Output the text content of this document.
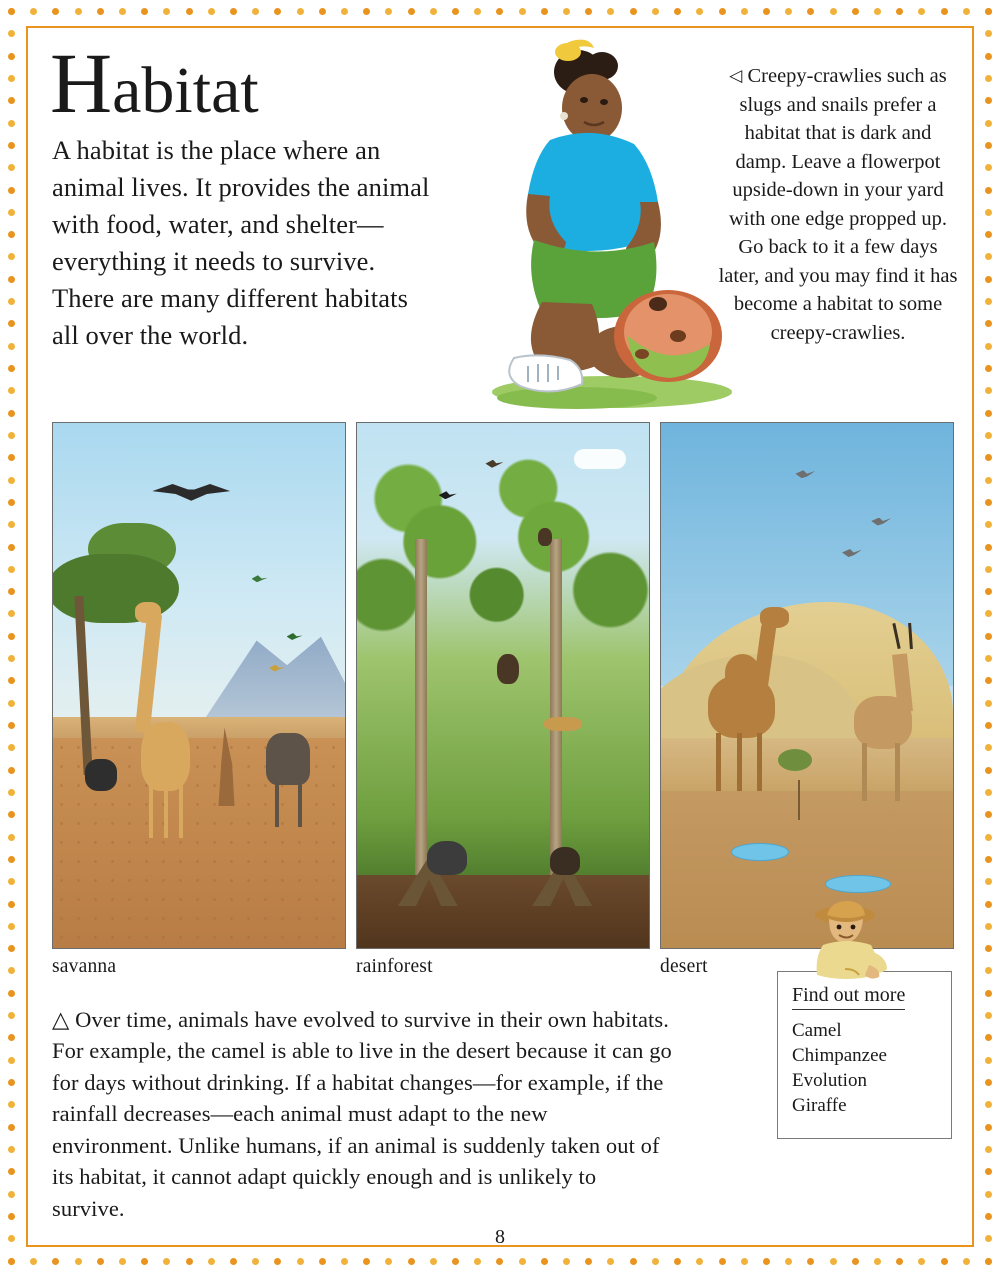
Habitat

A habitat is the place where an animal lives. It provides the animal with food, water, and shelter—everything it needs to survive. There are many different habitats all over the world.

◁ Creepy-crawlies such as slugs and snails prefer a habitat that is dark and damp. Leave a flowerpot upside-down in your yard with one edge propped up. Go back to it a few days later, and you may find it has become a habitat to some creepy-crawlies.
savanna	rainforest	desert

△ Over time, animals have evolved to survive in their own habitats. For example, the camel is able to live in the desert because it can go for days without drinking. If a habitat changes—for example, if the rainfall decreases—each animal must adapt to the new environment. Unlike humans, if an animal is suddenly taken out of its habitat, it cannot adapt quickly enough and is unlikely to survive.

Find out more
Camel
Chimpanzee
Evolution
Giraffe
8
